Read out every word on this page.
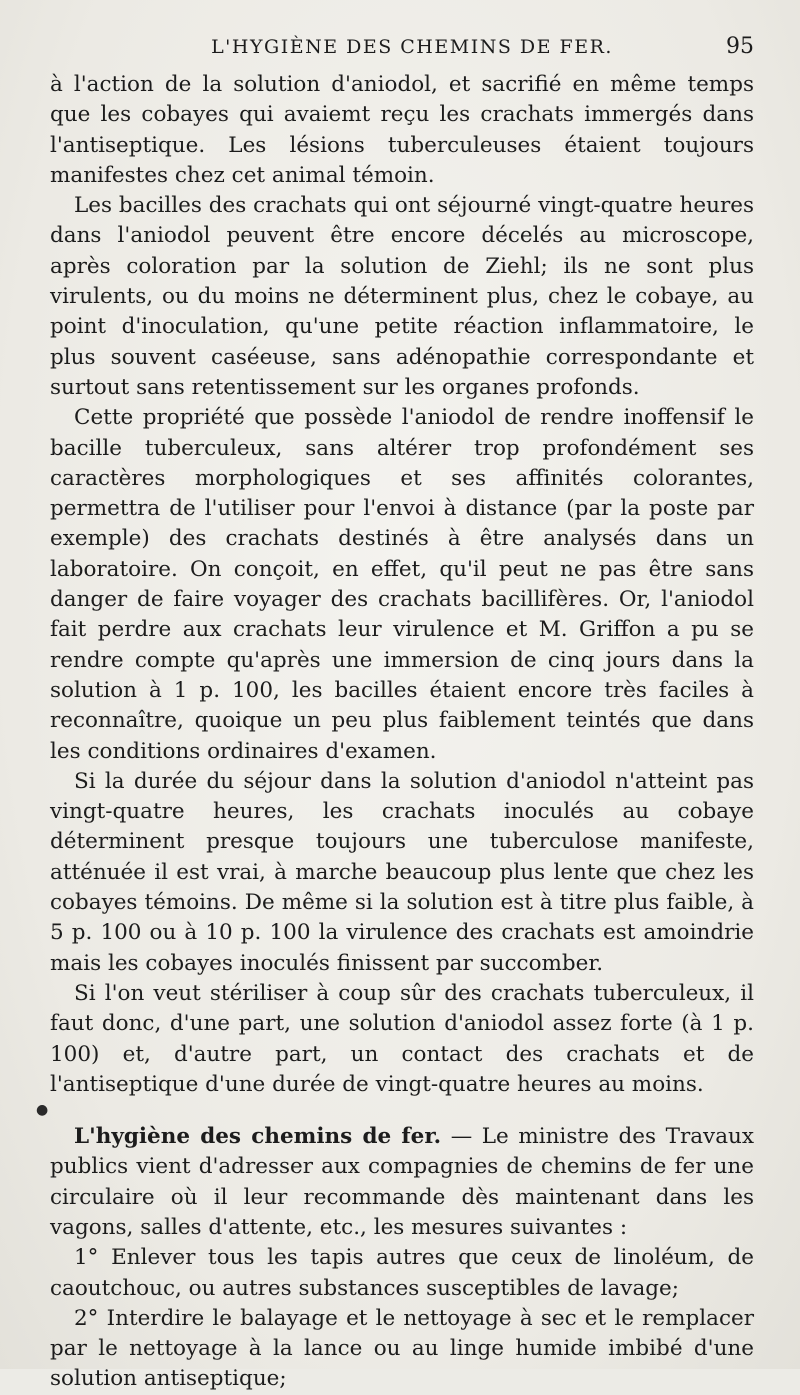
L'HYGIÈNE DES CHEMINS DE FER.	95

à l'action de la solution d'aniodol, et sacrifié en même temps que les cobayes qui avaiemt reçu les crachats immergés dans l'antiseptique. Les lésions tuberculeuses étaient toujours manifestes chez cet animal témoin.

Les bacilles des crachats qui ont séjourné vingt-quatre heures dans l'aniodol peuvent être encore décelés au microscope, après coloration par la solution de Ziehl; ils ne sont plus virulents, ou du moins ne déterminent plus, chez le cobaye, au point d'inoculation, qu'une petite réaction inflammatoire, le plus souvent caséeuse, sans adénopathie correspondante et surtout sans retentissement sur les organes profonds.

Cette propriété que possède l'aniodol de rendre inoffensif le bacille tuberculeux, sans altérer trop profondément ses caractères morphologiques et ses affinités colorantes, permettra de l'utiliser pour l'envoi à distance (par la poste par exemple) des crachats destinés à être analysés dans un laboratoire. On conçoit, en effet, qu'il peut ne pas être sans danger de faire voyager des crachats bacillifères. Or, l'aniodol fait perdre aux crachats leur virulence et M. Griffon a pu se rendre compte qu'après une immersion de cinq jours dans la solution à 1 p. 100, les bacilles étaient encore très faciles à reconnaître, quoique un peu plus faiblement teintés que dans les conditions ordinaires d'examen.

Si la durée du séjour dans la solution d'aniodol n'atteint pas vingt-quatre heures, les crachats inoculés au cobaye déterminent presque toujours une tuberculose manifeste, atténuée il est vrai, à marche beaucoup plus lente que chez les cobayes témoins. De même si la solution est à titre plus faible, à 5 p. 100 ou à 10 p. 100 la virulence des crachats est amoindrie mais les cobayes inoculés finissent par succomber.

Si l'on veut stériliser à coup sûr des crachats tuberculeux, il faut donc, d'une part, une solution d'aniodol assez forte (à 1 p. 100) et, d'autre part, un contact des crachats et de l'antiseptique d'une durée de vingt-quatre heures au moins.

●

L'hygiène des chemins de fer. — Le ministre des Travaux publics vient d'adresser aux compagnies de chemins de fer une circulaire où il leur recommande dès maintenant dans les vagons, salles d'attente, etc., les mesures suivantes :

1° Enlever tous les tapis autres que ceux de linoléum, de caoutchouc, ou autres substances susceptibles de lavage;

2° Interdire le balayage et le nettoyage à sec et le remplacer par le nettoyage à la lance ou au linge humide imbibé d'une solution antiseptique;
